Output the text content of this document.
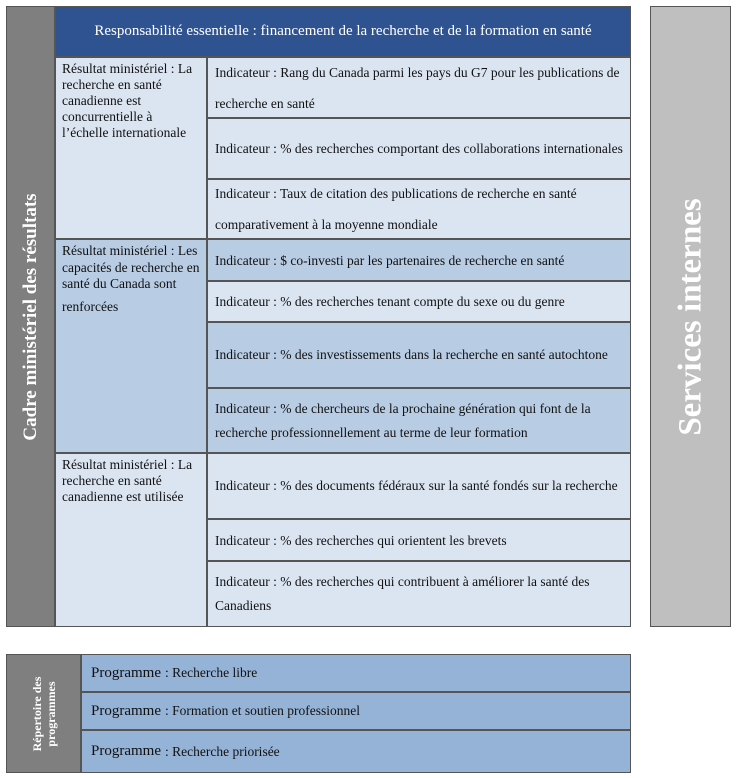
Cadre ministériel des résultats
Responsabilité essentielle : financement de la recherche et de la formation en santé
Services internes
Résultat ministériel : La recherche en santé canadienne est concurrentielle à l’échelle internationale
Indicateur : Rang du Canada parmi les pays du G7 pour les publications de recherche en santé
Indicateur : % des recherches comportant des collaborations internationales
Indicateur : Taux de citation des publications de recherche en santé comparativement à la moyenne mondiale
Résultat ministériel : Les capacités de recherche en santé du Canada sont
renforcées
Indicateur : $ co-investi par les partenaires de recherche en santé
Indicateur : % des recherches tenant compte du sexe ou du genre
Indicateur : % des investissements dans la recherche en santé autochtone
Indicateur : % de chercheurs de la prochaine génération qui font de la recherche professionnellement au terme de leur formation
Résultat ministériel : La recherche en santé canadienne est utilisée
Indicateur : % des documents fédéraux sur la santé fondés sur la recherche
Indicateur : % des recherches qui orientent les brevets
Indicateur : % des recherches qui contribuent à améliorer la santé des Canadiens
Répertoire des programmes
Programme : Recherche libre
Programme : Formation et soutien professionnel
Programme : Recherche priorisée
